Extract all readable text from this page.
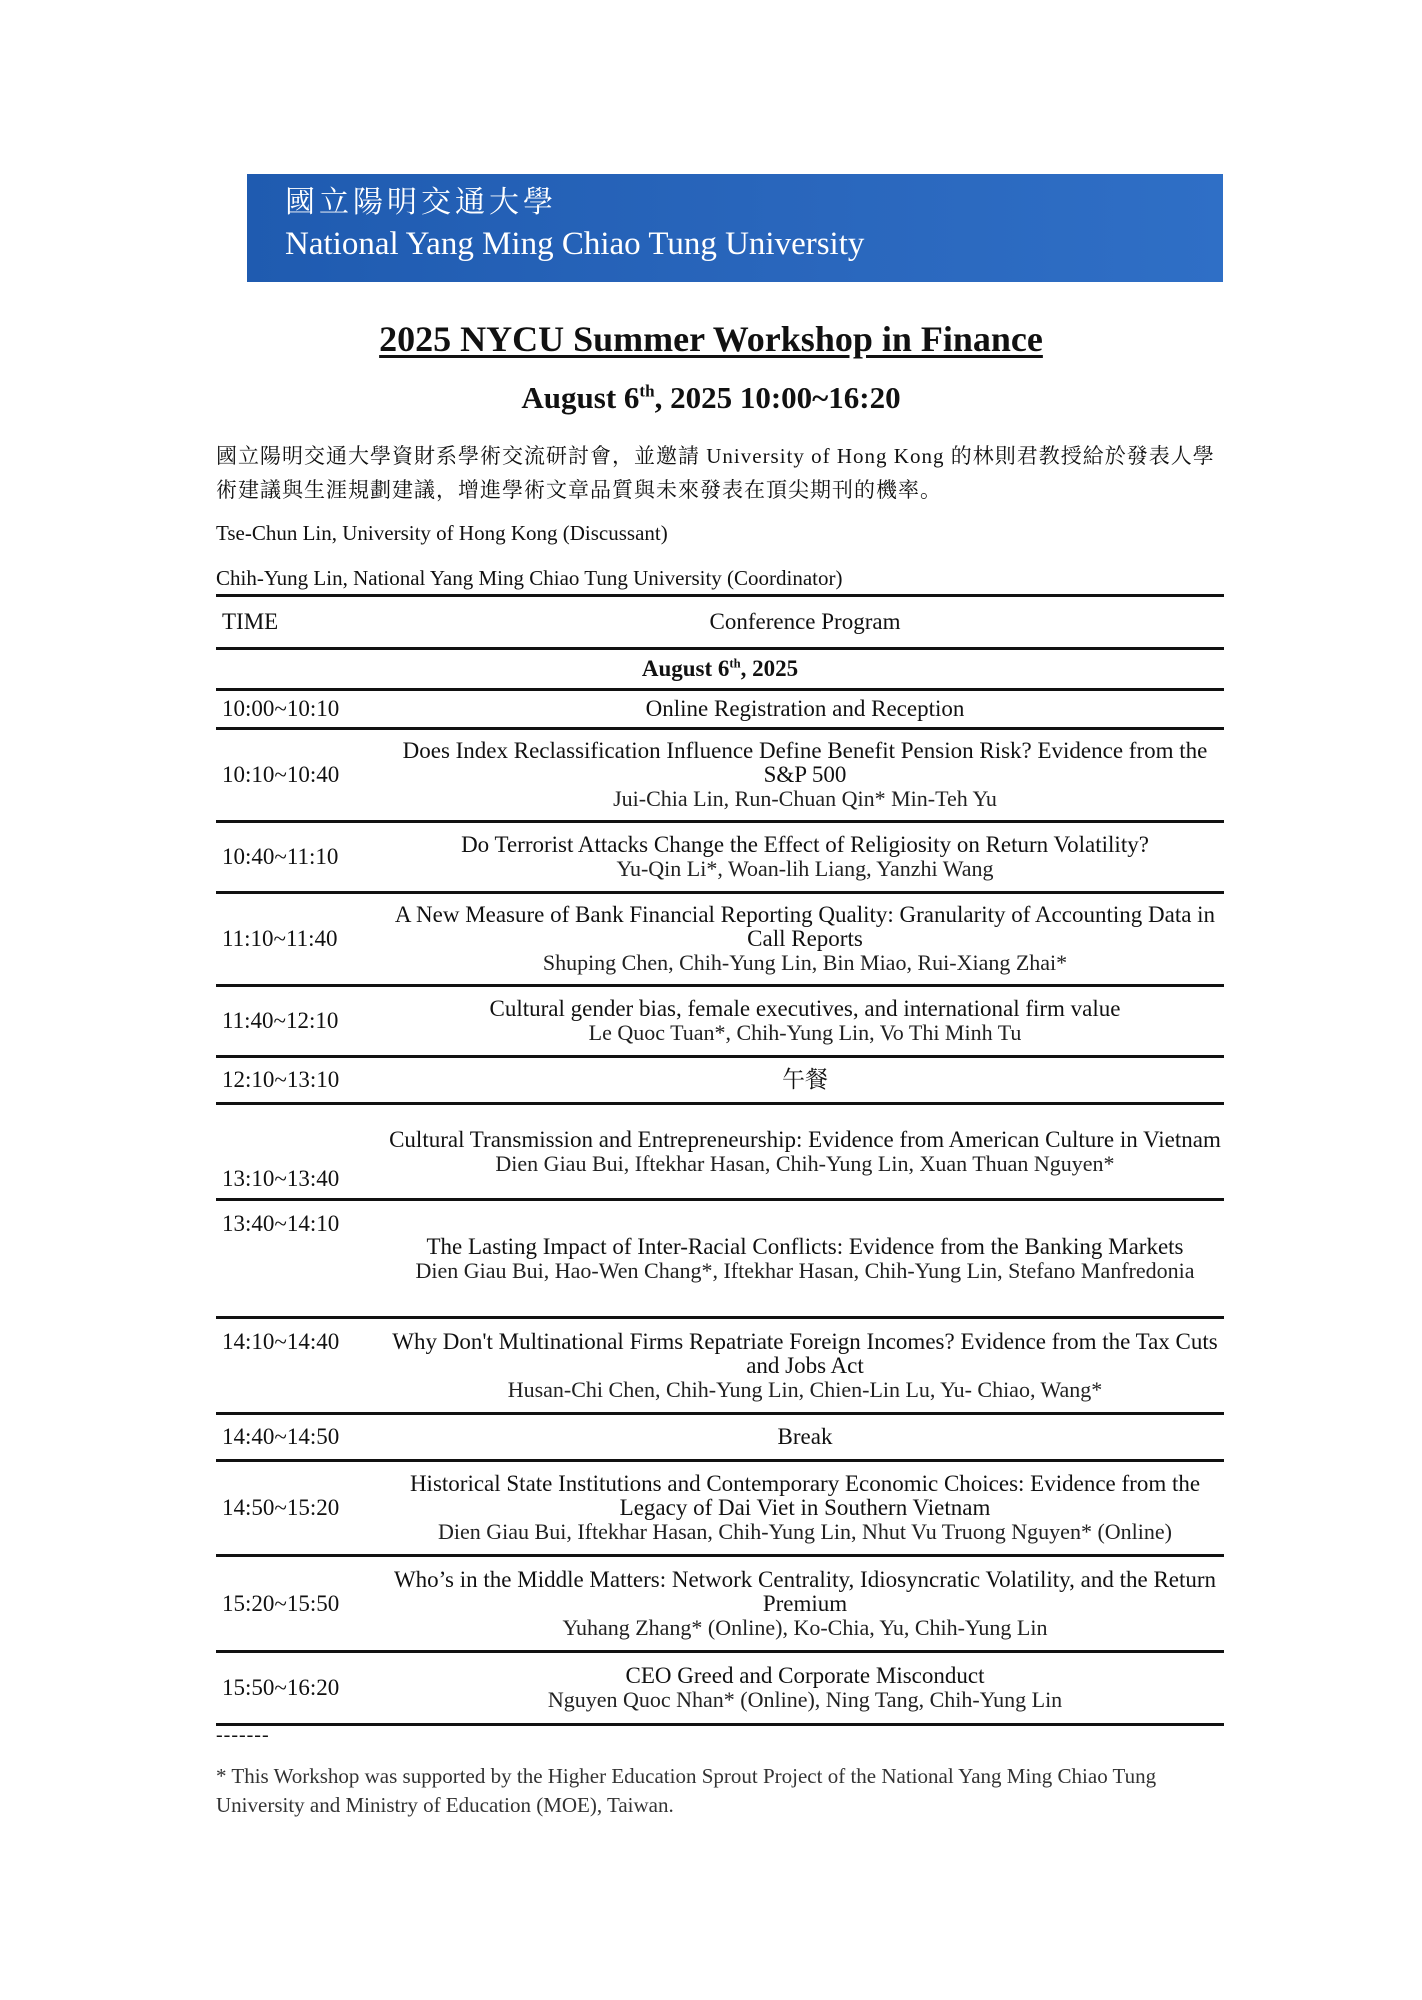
國立陽明交通大學
National Yang Ming Chiao Tung University
2025 NYCU Summer Workshop in Finance
August 6th, 2025 10:00~16:20
國立陽明交通大學資財系學術交流研討會，並邀請 University of Hong Kong 的林則君教授給於發表人學術建議與生涯規劃建議，增進學術文章品質與未來發表在頂尖期刊的機率。
Tse-Chun Lin, University of Hong Kong (Discussant)
Chih-Yung Lin, National Yang Ming Chiao Tung University (Coordinator)
TIME	Conference Program
August 6th, 2025	
10:00~10:10	Online Registration and Reception

10:10~10:40	Does Index Reclassification Influence Define Benefit Pension Risk? Evidence from the S&P 500
Jui-Chia Lin, Run-Chuan Qin* Min-Teh Yu

10:40~11:10	Do Terrorist Attacks Change the Effect of Religiosity on Return Volatility?
Yu-Qin Li*, Woan-lih Liang, Yanzhi Wang

11:10~11:40	A New Measure of Bank Financial Reporting Quality: Granularity of Accounting Data in Call Reports
Shuping Chen, Chih-Yung Lin, Bin Miao, Rui-Xiang Zhai*

11:40~12:10	Cultural gender bias, female executives, and international firm value
Le Quoc Tuan*, Chih-Yung Lin, Vo Thi Minh Tu

12:10~13:10	午餐

13:10~13:40	Cultural Transmission and Entrepreneurship: Evidence from American Culture in Vietnam
Dien Giau Bui, Iftekhar Hasan, Chih-Yung Lin, Xuan Thuan Nguyen*

13:40~14:10	The Lasting Impact of Inter-Racial Conflicts: Evidence from the Banking Markets
Dien Giau Bui, Hao-Wen Chang*, Iftekhar Hasan, Chih-Yung Lin, Stefano Manfredonia

14:10~14:40	Why Don't Multinational Firms Repatriate Foreign Incomes? Evidence from the Tax Cuts and Jobs Act
Husan-Chi Chen, Chih-Yung Lin, Chien-Lin Lu, Yu- Chiao, Wang*

14:40~14:50	Break

14:50~15:20	Historical State Institutions and Contemporary Economic Choices: Evidence from the Legacy of Dai Viet in Southern Vietnam
Dien Giau Bui, Iftekhar Hasan, Chih-Yung Lin, Nhut Vu Truong Nguyen* (Online)

15:20~15:50	Who’s in the Middle Matters: Network Centrality, Idiosyncratic Volatility, and the Return Premium
Yuhang Zhang* (Online), Ko-Chia, Yu, Chih-Yung Lin

15:50~16:20	CEO Greed and Corporate Misconduct
Nguyen Quoc Nhan* (Online), Ning Tang, Chih-Yung Lin
-------
* This Workshop was supported by the Higher Education Sprout Project of the National Yang Ming Chiao Tung University and Ministry of Education (MOE), Taiwan.
